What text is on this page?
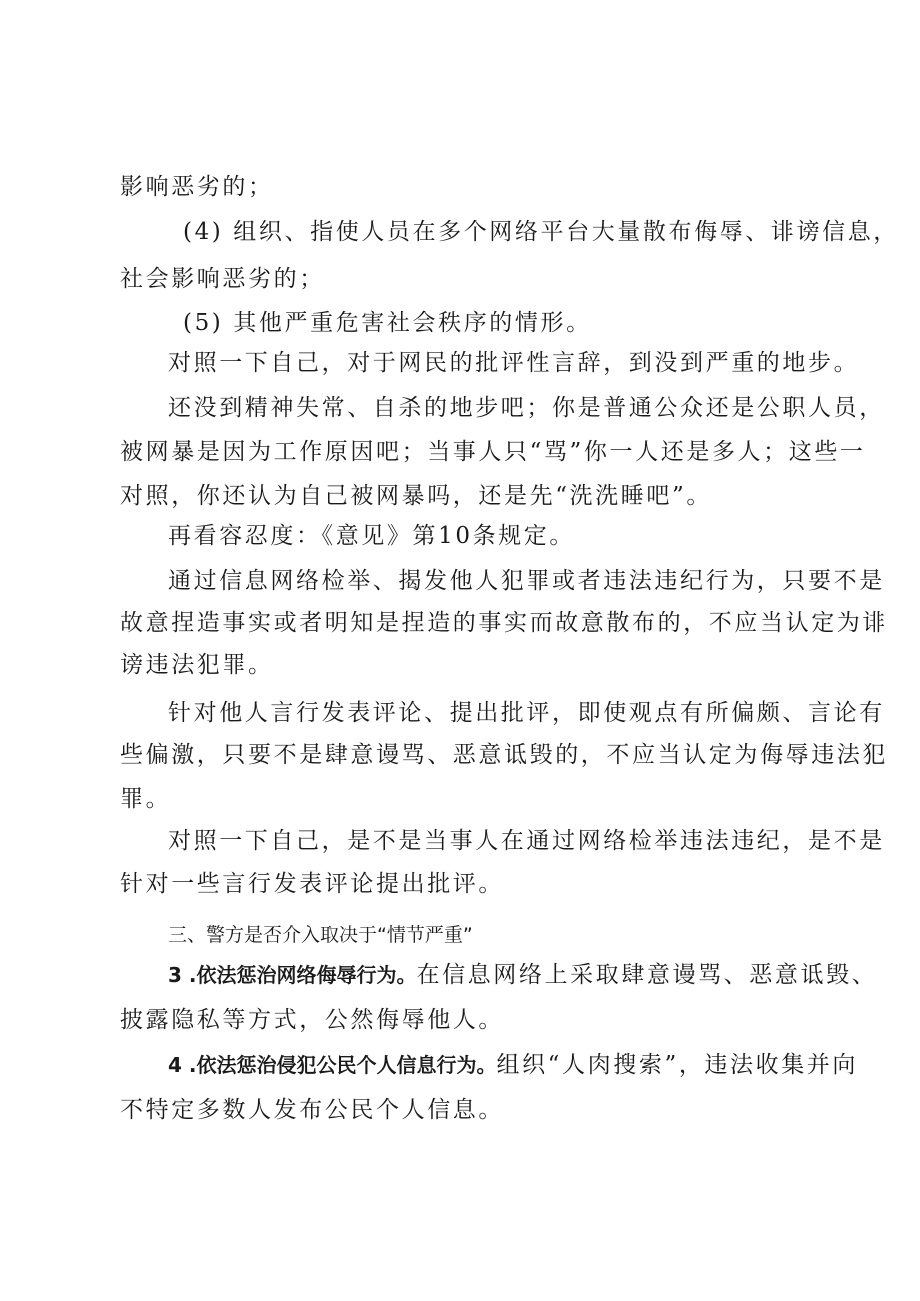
影响恶劣的；
(4) 组织、指使人员在多个网络平台大量散布侮辱、诽谤信息，
社会影响恶劣的；
(5) 其他严重危害社会秩序的情形。
对照一下自己，对于网民的批评性言辞，到没到严重的地步。
还没到精神失常、自杀的地步吧；你是普通公众还是公职人员，
被网暴是因为工作原因吧；当事人只“骂”你一人还是多人；这些一
对照，你还认为自己被网暴吗，还是先“洗洗睡吧”。
再看容忍度：《意见》第10条规定。
通过信息网络检举、揭发他人犯罪或者违法违纪行为，只要不是
故意捏造事实或者明知是捏造的事实而故意散布的，不应当认定为诽
谤违法犯罪。
针对他人言行发表评论、提出批评，即使观点有所偏颇、言论有
些偏激，只要不是肆意谩骂、恶意诋毁的，不应当认定为侮辱违法犯
罪。
对照一下自己，是不是当事人在通过网络检举违法违纪，是不是
针对一些言行发表评论提出批评。
三、警方是否介入取决于“情节严重”
3 .依法惩治网络侮辱行为。在信息网络上采取肆意谩骂、恶意诋毁、
披露隐私等方式，公然侮辱他人。
4 .依法惩治侵犯公民个人信息行为。组织“人肉搜索”，违法收集并向
不特定多数人发布公民个人信息。
